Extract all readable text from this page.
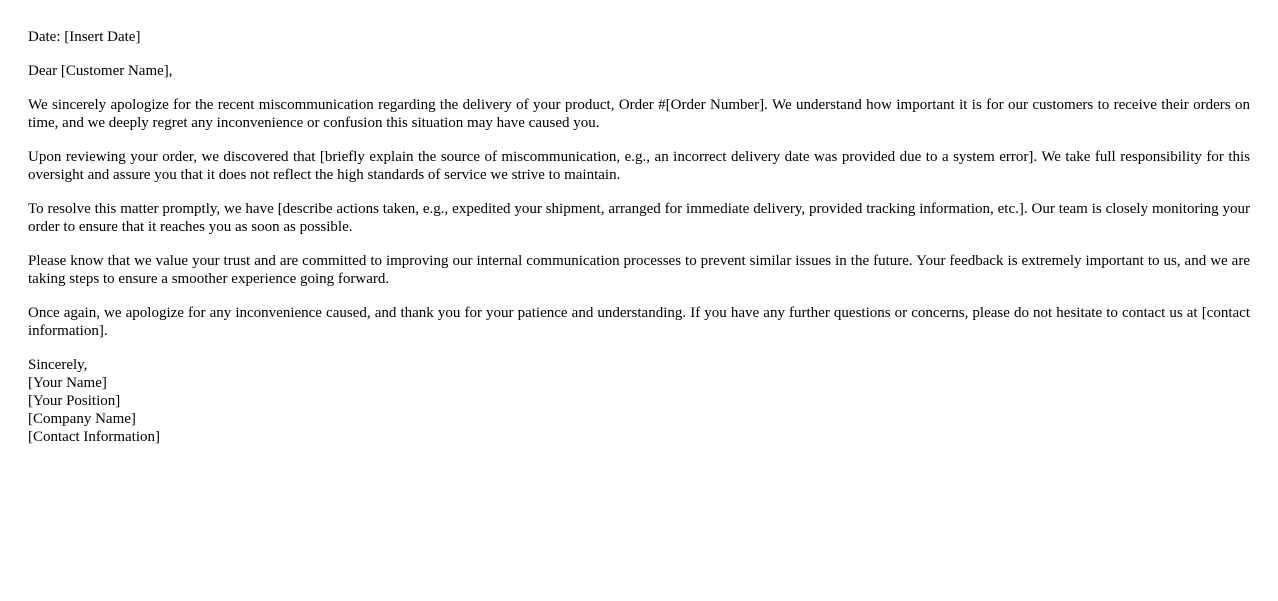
Date: [Insert Date]

Dear [Customer Name],

We sincerely apologize for the recent miscommunication regarding the delivery of your product, Order #[Order Number]. We understand how important it is for our customers to receive their orders on time, and we deeply regret any inconvenience or confusion this situation may have caused you.

Upon reviewing your order, we discovered that [briefly explain the source of miscommunication, e.g., an incorrect delivery date was provided due to a system error]. We take full responsibility for this oversight and assure you that it does not reflect the high standards of service we strive to maintain.

To resolve this matter promptly, we have [describe actions taken, e.g., expedited your shipment, arranged for immediate delivery, provided tracking information, etc.]. Our team is closely monitoring your order to ensure that it reaches you as soon as possible.

Please know that we value your trust and are committed to improving our internal communication processes to prevent similar issues in the future. Your feedback is extremely important to us, and we are taking steps to ensure a smoother experience going forward.

Once again, we apologize for any inconvenience caused, and thank you for your patience and understanding. If you have any further questions or concerns, please do not hesitate to contact us at [contact information].

Sincerely,
[Your Name]
[Your Position]
[Company Name]
[Contact Information]
